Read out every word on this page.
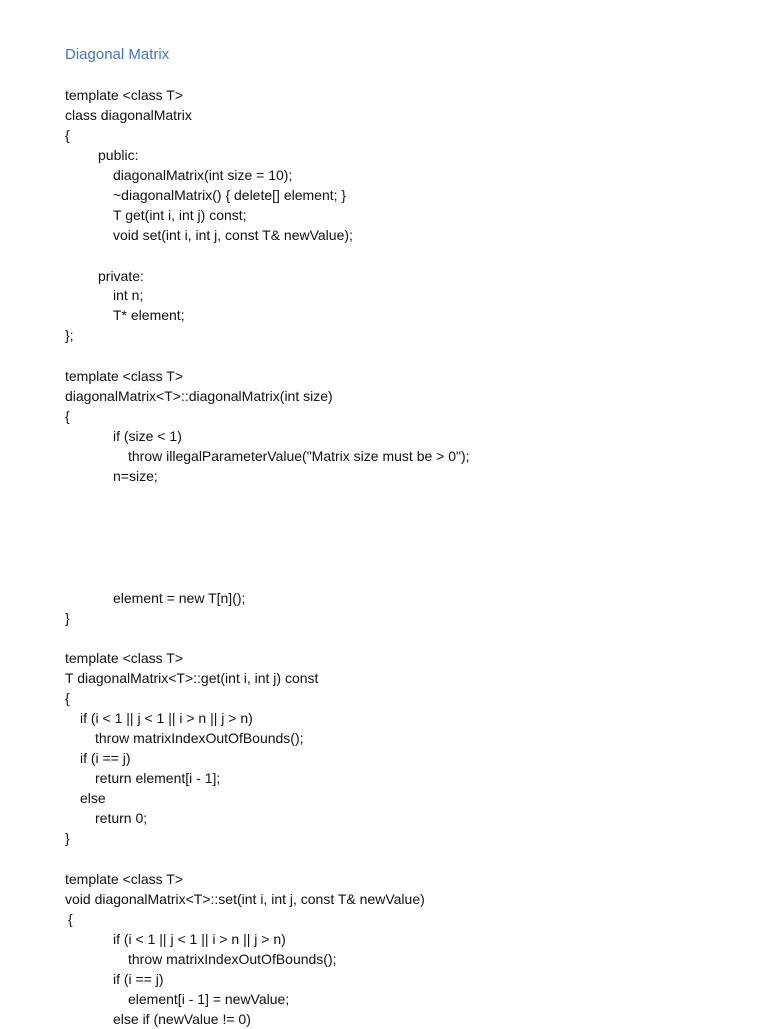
Diagonal Matrix
template <class T>
class diagonalMatrix
{
public:
diagonalMatrix(int size = 10);
~diagonalMatrix() { delete[] element; }
T get(int i, int j) const;
void set(int i, int j, const T& newValue);
private:
int n;
T* element;
};
template <class T>
diagonalMatrix<T>::diagonalMatrix(int size)
{
if (size < 1)
throw illegalParameterValue("Matrix size must be > 0");
n=size;
element = new T[n]();
}
template <class T>
T diagonalMatrix<T>::get(int i, int j) const
{
if (i < 1 || j < 1 || i > n || j > n)
throw matrixIndexOutOfBounds();
if (i == j)
return element[i - 1];
else
return 0;
}
template <class T>
void diagonalMatrix<T>::set(int i, int j, const T& newValue)
{
if (i < 1 || j < 1 || i > n || j > n)
throw matrixIndexOutOfBounds();
if (i == j)
element[i - 1] = newValue;
else if (newValue != 0)
